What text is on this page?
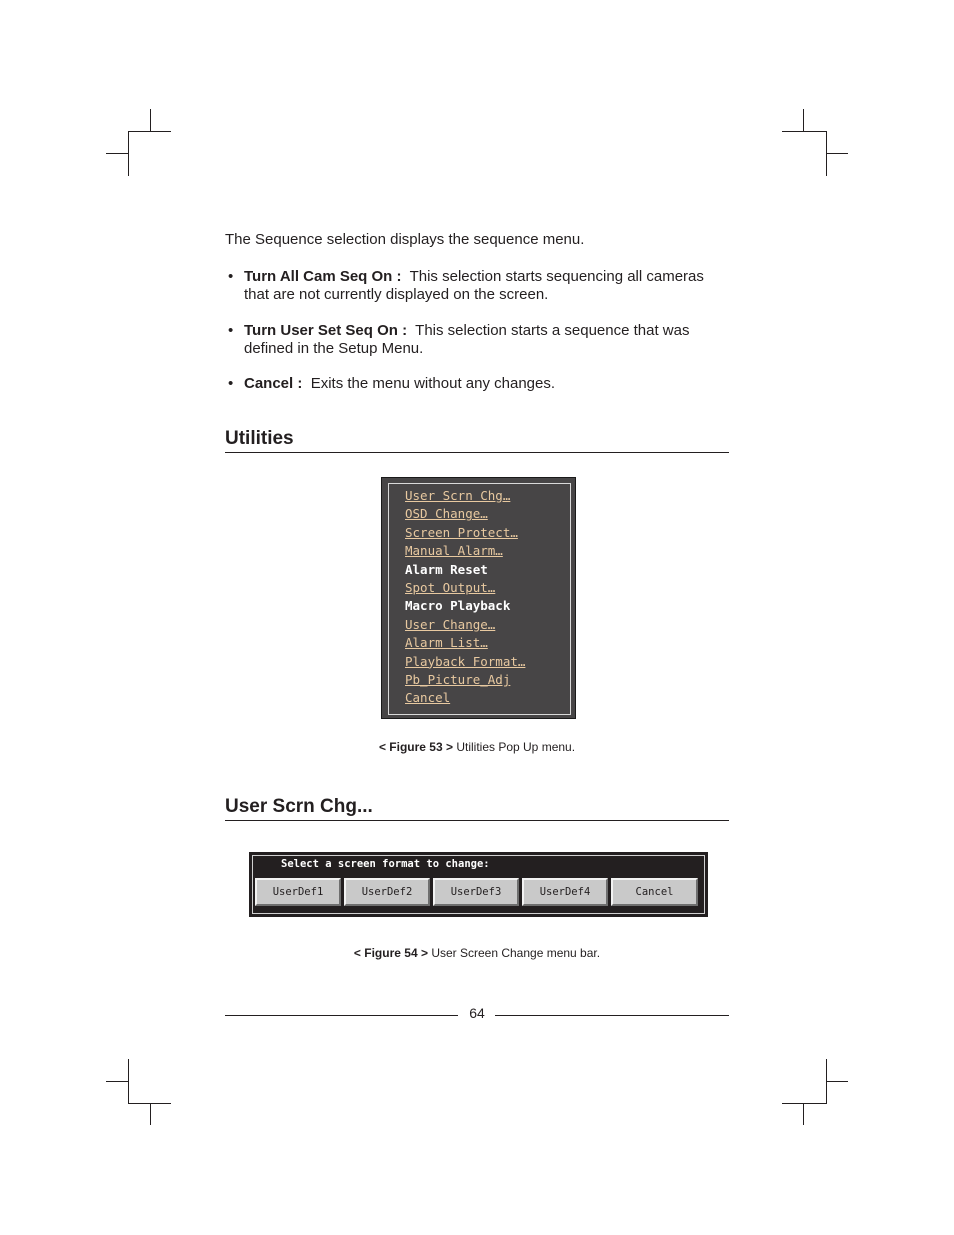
The Sequence selection displays the sequence menu.

• Turn All Cam Seq On : This selection starts sequencing all cameras
that are not currently displayed on the screen.
• Turn User Set Seq On : This selection starts a sequence that was
defined in the Setup Menu.
• Cancel : Exits the menu without any changes.
Utilities
User Scrn Chg…
OSD Change…
Screen Protect…
Manual Alarm…
Alarm Reset
Spot Output…
Macro Playback
User Change…
Alarm List…
Playback Format…
Pb_Picture_Adj
Cancel

< Figure 53 > Utilities Pop Up menu.

User Scrn Chg...
Select a screen format to change:
UserDef1	UserDef2	UserDef3	UserDef4	Cancel

< Figure 54 > User Screen Change menu bar.

64
